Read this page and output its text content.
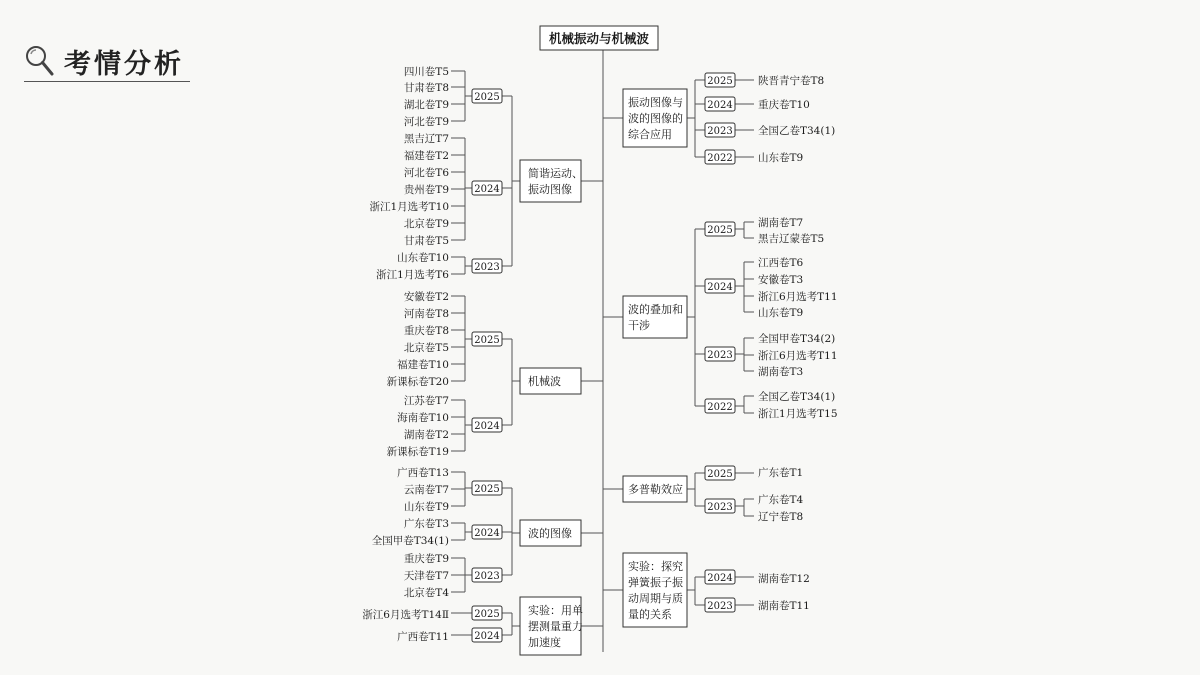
考情分析
机械振动与机械波
简谐运动、
振动图像
2025
四川卷T5
甘肃卷T8
湖北卷T9
河北卷T9
2024
黑吉辽T7
福建卷T2
河北卷T6
贵州卷T9
浙江1月选考T10
北京卷T9
甘肃卷T5
2023
山东卷T10
浙江1月选考T6
机械波
2025
安徽卷T2
河南卷T8
重庆卷T8
北京卷T5
福建卷T10
新课标卷T20
2024
江苏卷T7
海南卷T10
湖南卷T2
新课标卷T19
波的图像
2025
广西卷T13
云南卷T7
山东卷T9
2024
广东卷T3
全国甲卷T34(1)
2023
重庆卷T9
天津卷T7
北京卷T4
实验：用单
摆测量重力
加速度
2025
浙江6月选考T14Ⅱ
2024
广西卷T11
振动图像与
波的图像的
综合应用
2025 陕晋青宁卷T8
2024 重庆卷T10
2023 全国乙卷T34(1)
2022 山东卷T9
波的叠加和
干涉
2025
湖南卷T7
黑吉辽蒙卷T5
2024
江西卷T6
安徽卷T3
浙江6月选考T11
山东卷T9
2023
全国甲卷T34(2)
浙江6月选考T11
湖南卷T3
2022
全国乙卷T34(1)
浙江1月选考T15
多普勒效应
2025 广东卷T1
2023
广东卷T4
辽宁卷T8
实验：探究
弹簧振子振
动周期与质
量的关系
2024 湖南卷T12
2023 湖南卷T11
